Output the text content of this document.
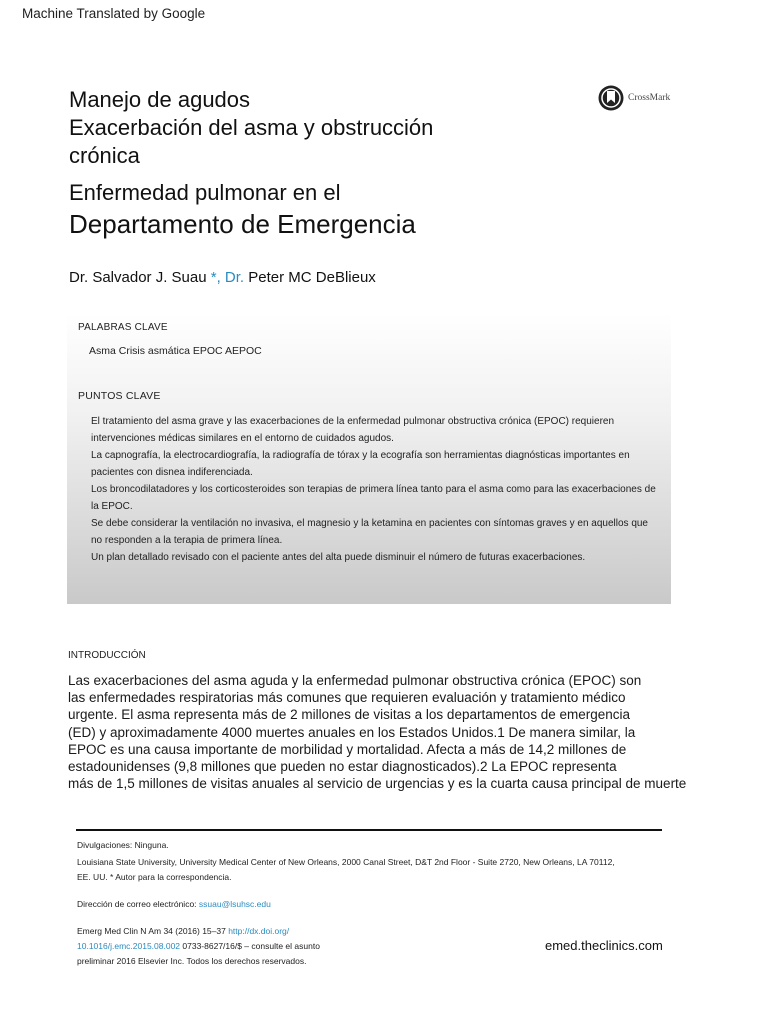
Machine Translated by Google
Manejo de agudos
Exacerbación del asma y obstrucción
crónica
Enfermedad pulmonar en el
Departamento de Emergencia
CrossMark
Dr. Salvador J. Suau *, Dr. Peter MC DeBlieux
PALABRAS CLAVE
Asma Crisis asmática EPOC AEPOC
PUNTOS CLAVE
El tratamiento del asma grave y las exacerbaciones de la enfermedad pulmonar obstructiva crónica (EPOC) requieren intervenciones médicas similares en el entorno de cuidados agudos.
La capnografía, la electrocardiografía, la radiografía de tórax y la ecografía son herramientas diagnósticas importantes en pacientes con disnea indiferenciada.
Los broncodilatadores y los corticosteroides son terapias de primera línea tanto para el asma como para las exacerbaciones de la EPOC.
Se debe considerar la ventilación no invasiva, el magnesio y la ketamina en pacientes con síntomas graves y en aquellos que no responden a la terapia de primera línea.
Un plan detallado revisado con el paciente antes del alta puede disminuir el número de futuras exacerbaciones.
INTRODUCCIÓN

Las exacerbaciones del asma aguda y la enfermedad pulmonar obstructiva crónica (EPOC) son
las enfermedades respiratorias más comunes que requieren evaluación y tratamiento médico
urgente. El asma representa más de 2 millones de visitas a los departamentos de emergencia
(ED) y aproximadamente 4000 muertes anuales en los Estados Unidos.1 De manera similar, la
EPOC es una causa importante de morbilidad y mortalidad. Afecta a más de 14,2 millones de
estadounidenses (9,8 millones que pueden no estar diagnosticados).2 La EPOC representa
más de 1,5 millones de visitas anuales al servicio de urgencias y es la cuarta causa principal de muerte

Divulgaciones: Ninguna.
Louisiana State University, University Medical Center of New Orleans, 2000 Canal Street, D&T 2nd Floor - Suite 2720, New Orleans, LA 70112,
EE. UU. * Autor para la correspondencia.
Dirección de correo electrónico: ssuau@lsuhsc.edu
Emerg Med Clin N Am 34 (2016) 15–37 http://dx.doi.org/
10.1016/j.emc.2015.08.002 0733-8627/16/$ – consulte el asunto
preliminar 2016 Elsevier Inc. Todos los derechos reservados.
emed.theclinics.com
